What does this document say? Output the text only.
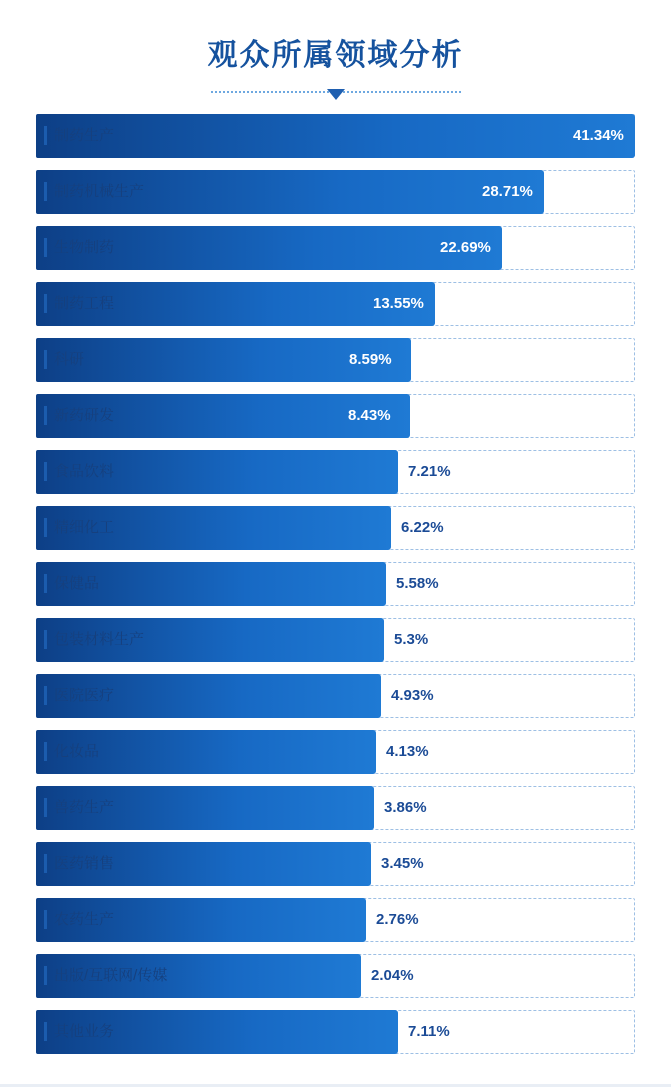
观众所属领域分析
制药生产	41.34%
制药机械生产	28.71%
生物制药	22.69%
制药工程	13.55%
科研	8.59%
新药研发	8.43%
食品饮料	7.21%
精细化工	6.22%
保健品	5.58%
包装材料生产	5.3%
医院医疗	4.93%
化妆品	4.13%
兽药生产	3.86%
医药销售	3.45%
农药生产	2.76%
出版/互联网/传媒	2.04%
其他业务	7.11%
